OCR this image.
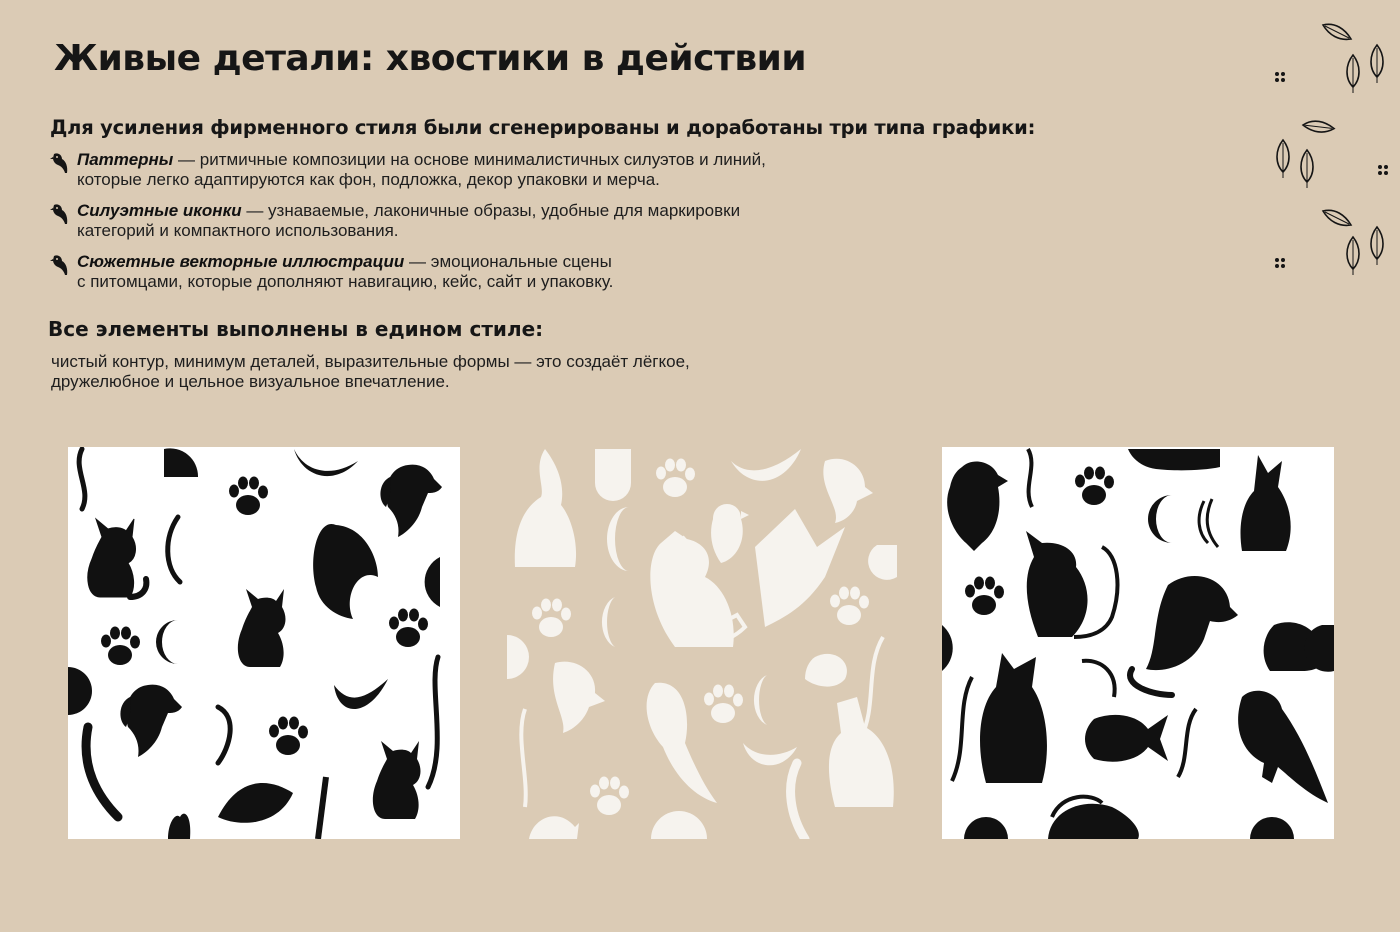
Живые детали: хвостики в действии
Для усиления фирменного стиля были сгенерированы и доработаны три типа графики:
Паттерны — ритмичные композиции на основе минималистичных силуэтов и линий,
которые легко адаптируются как фон, подложка, декор упаковки и мерча.
Силуэтные иконки — узнаваемые, лаконичные образы, удобные для маркировки
категорий и компактного использования.
Сюжетные векторные иллюстрации — эмоциональные сцены
с питомцами, которые дополняют навигацию, кейс, сайт и упаковку.
Все элементы выполнены в едином стиле:
чистый контур, минимум деталей, выразительные формы — это создаёт лёгкое,
дружелюбное и цельное визуальное впечатление.
